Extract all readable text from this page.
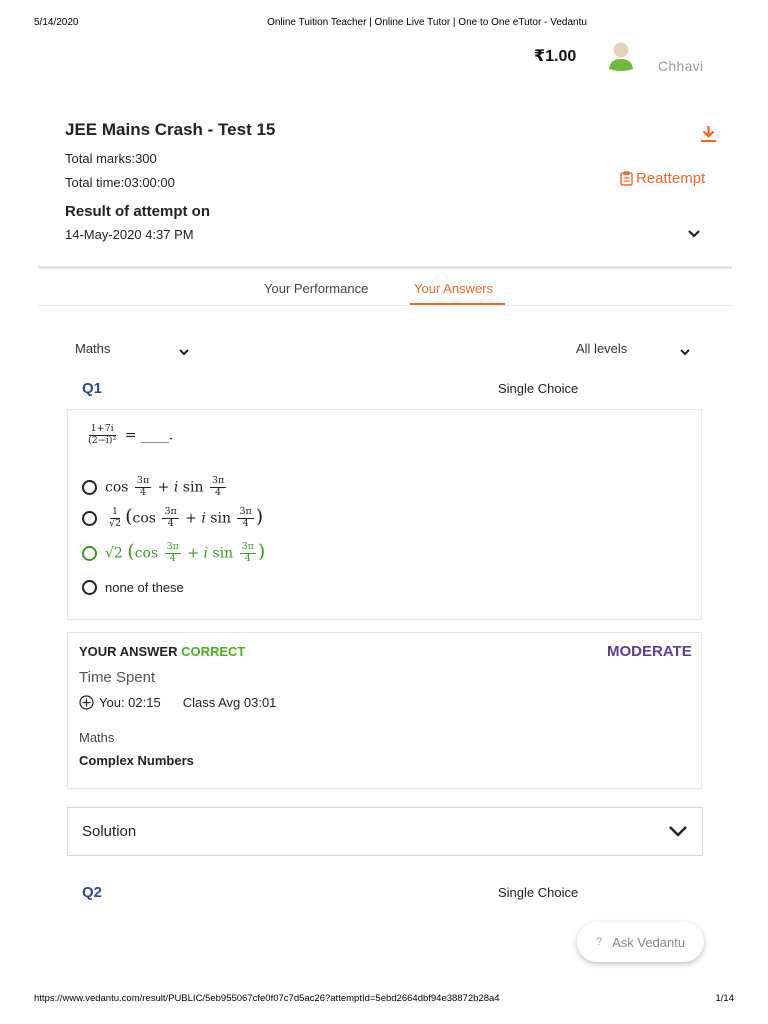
5/14/2020	Online Tuition Teacher | Online Live Tutor | One to One eTutor - Vedantu
₹1.00
Chhavi
JEE Mains Crash - Test 15
Total marks:300
Total time:03:00:00
Result of attempt on
14-May-2020 4:37 PM
Reattempt
Your Performance	Your Answers
Maths	All levels
Q1	Single Choice
$\frac{1+7i}{\text{(2−i)²}}$ = ____.
$\cos \frac{3\pi}{4} + i$ $\sin \frac{3\pi}{4}$
$\frac{1}{√2} (\cos \frac{3\pi}{4} + i$ $\sin \frac{3\pi}{4}$ )
√2 ($\cos \frac{3\pi}{4} + i$ $\sin \frac{3\pi}{4}$ )
none of these
YOUR ANSWER CORRECT	MODERATE
Time Spent
You: 02:15 Class Avg 03:01
Maths
Complex Numbers
Solution
Q2	Single Choice
? Ask Vedantu
https://www.vedantu.com/result/PUBLIC/5eb955067cfe0f07c7d5ac26?attemptId=5ebd2664dbf94e38872b28a4	1/14
